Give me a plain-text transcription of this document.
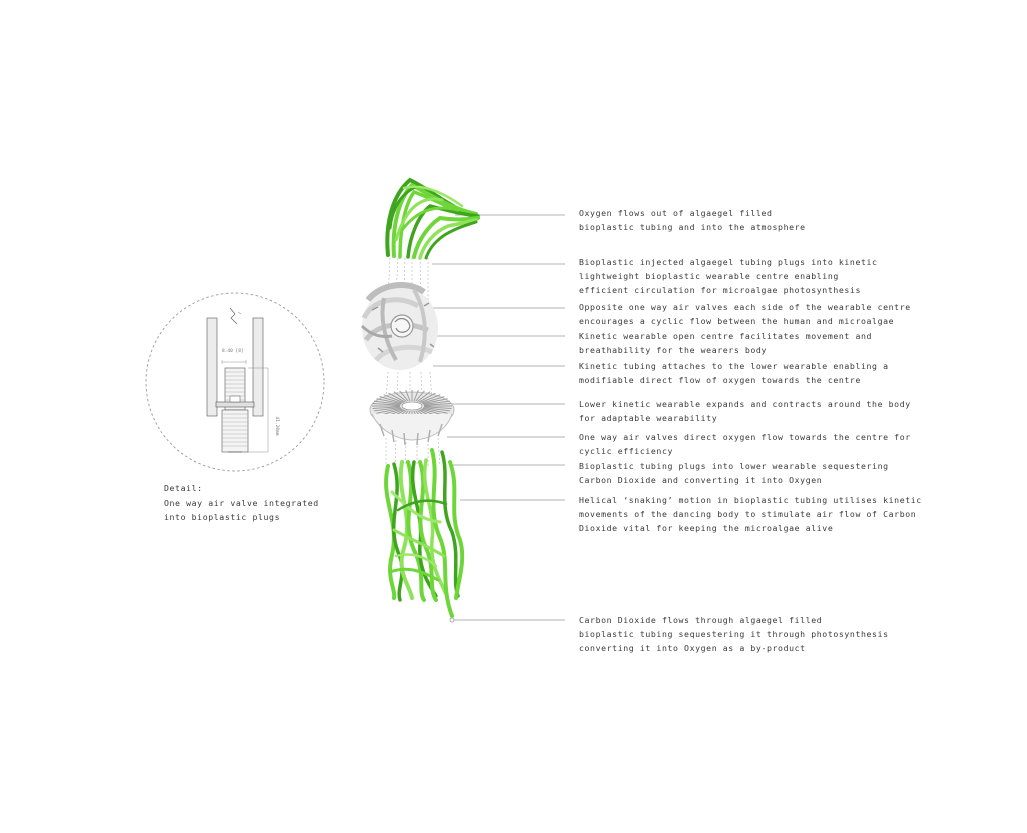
8.40 [8]
41.20mm
Detail:
One way air valve integrated
into bioplastic plugs
Oxygen flows out of algaegel filled
bioplastic tubing and into the atmosphere
Bioplastic injected algaegel tubing plugs into kinetic
lightweight bioplastic wearable centre enabling
efficient circulation for microalgae photosynthesis
Opposite one way air valves each side of the wearable centre
encourages a cyclic flow between the human and microalgae
Kinetic wearable open centre facilitates movement and
breathability for the wearers body
Kinetic tubing attaches to the lower wearable enabling a
modifiable direct flow of oxygen towards the centre
Lower kinetic wearable expands and contracts around the body
for adaptable wearability
One way air valves direct oxygen flow towards the centre for
cyclic efficiency
Bioplastic tubing plugs into lower wearable sequestering
Carbon Dioxide and converting it into Oxygen
Helical ‘snaking’ motion in bioplastic tubing utilises kinetic
movements of the dancing body to stimulate air flow of Carbon
Dioxide vital for keeping the microalgae alive
Carbon Dioxide flows through algaegel filled
bioplastic tubing sequestering it through photosynthesis
converting it into Oxygen as a by-product
